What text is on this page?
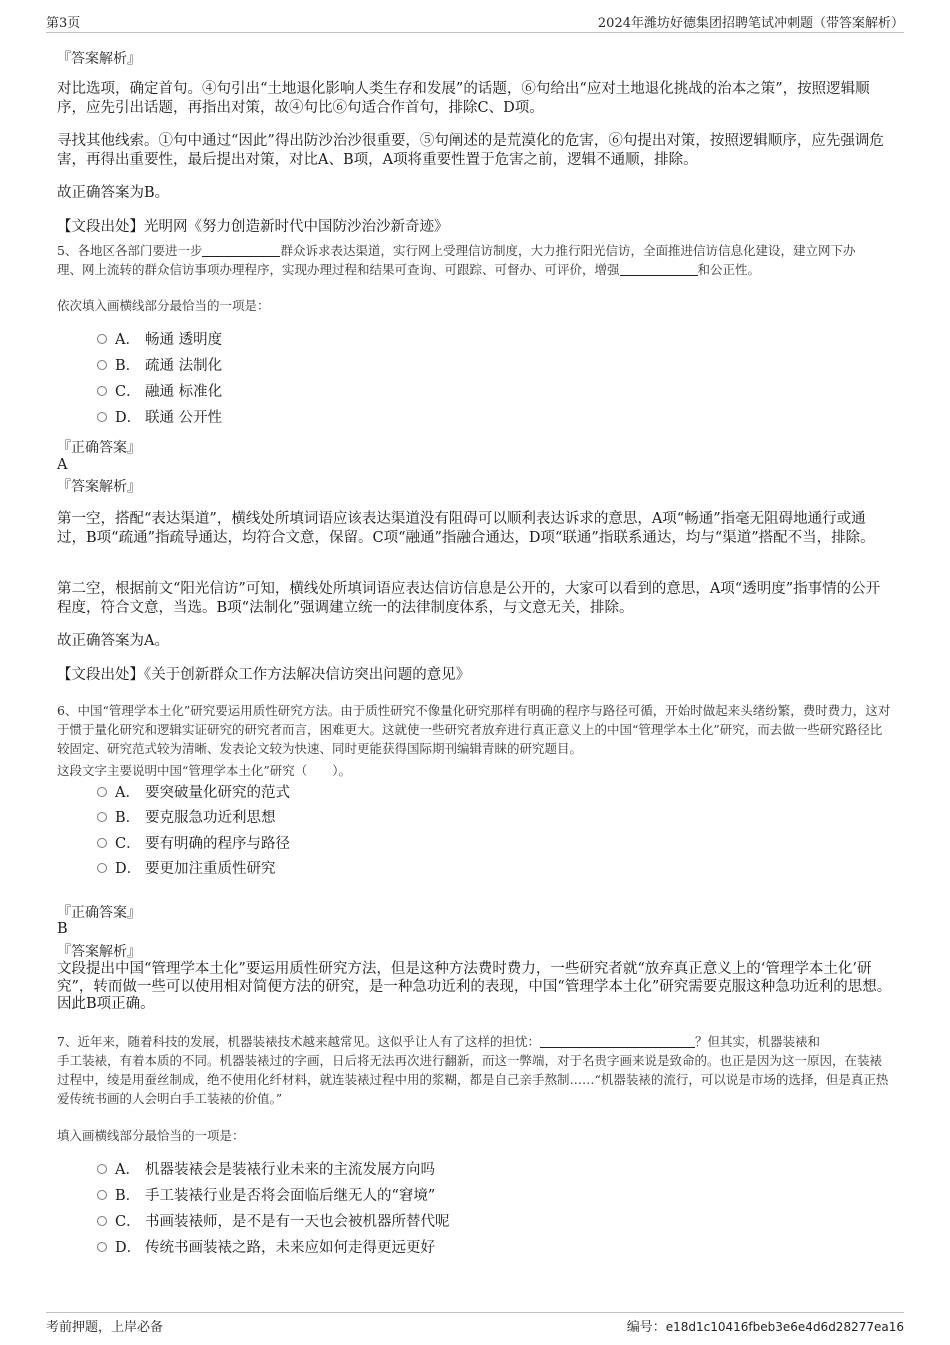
第3页	2024年潍坊好德集团招聘笔试冲刺题（带答案解析）
『答案解析』
对比选项，确定首句。④句引出“土地退化影响人类生存和发展”的话题，⑥句给出“应对土地退化挑战的治本之策”，按照逻辑顺序，应先引出话题，再指出对策，故④句比⑥句适合作首句，排除C、D项。
寻找其他线索。①句中通过“因此”得出防沙治沙很重要，⑤句阐述的是荒漠化的危害，⑥句提出对策，按照逻辑顺序，应先强调危害，再得出重要性，最后提出对策，对比A、B项，A项将重要性置于危害之前，逻辑不通顺，排除。
故正确答案为B。
【文段出处】光明网《努力创造新时代中国防沙治沙新奇迹》
5、各地区各部门要进一步	群众诉求表达渠道，实行网上受理信访制度，大力推行阳光信访，全面推进信访信息化建设，建立网下办
理、网上流转的群众信访事项办理程序，实现办理过程和结果可查询、可跟踪、可督办、可评价，增强	和公正性。
依次填入画横线部分最恰当的一项是：
A． 畅通 透明度
B． 疏通 法制化
C． 融通 标准化
D． 联通 公开性
『正确答案』
A
『答案解析』
第一空，搭配“表达渠道”，横线处所填词语应该表达渠道没有阻碍可以顺利表达诉求的意思，A项“畅通”指毫无阻碍地通行或通过，B项“疏通”指疏导通达，均符合文意，保留。C项“融通”指融合通达，D项“联通”指联系通达，均与“渠道”搭配不当，排除。
第二空，根据前文“阳光信访”可知，横线处所填词语应表达信访信息是公开的，大家可以看到的意思，A项“透明度”指事情的公开程度，符合文意，当选。B项“法制化”强调建立统一的法律制度体系，与文意无关，排除。
故正确答案为A。
【文段出处】《关于创新群众工作方法解决信访突出问题的意见》
6、中国“管理学本土化”研究要运用质性研究方法。由于质性研究不像量化研究那样有明确的程序与路径可循，开始时做起来头绪纷繁，费时费力，这对于惯于量化研究和逻辑实证研究的研究者而言，困难更大。这就使一些研究者放弃进行真正意义上的中国“管理学本土化”研究，而去做一些研究路径比较固定、研究范式较为清晰、发表论文较为快速、同时更能获得国际期刊编辑青睐的研究题目。
这段文字主要说明中国“管理学本土化”研究（　　）。
A． 要突破量化研究的范式
B． 要克服急功近利思想
C． 要有明确的程序与路径
D． 要更加注重质性研究
『正确答案』
B
『答案解析』
文段提出中国“管理学本土化”要运用质性研究方法，但是这种方法费时费力，一些研究者就“放弃真正意义上的‘管理学本土化’研究”，转而做一些可以使用相对简便方法的研究，是一种急功近利的表现，中国“管理学本土化”研究需要克服这种急功近利的思想。因此B项正确。
7、近年来，随着科技的发展，机器装裱技术越来越常见。这似乎让人有了这样的担忧：	？但其实，机器装裱和
手工装裱，有着本质的不同。机器装裱过的字画，日后将无法再次进行翻新，而这一弊端，对于名贵字画来说是致命的。也正是因为这一原因，在装裱过程中，绫是用蚕丝制成，绝不使用化纤材料，就连装裱过程中用的浆糊，都是自己亲手熬制……“机器装裱的流行，可以说是市场的选择，但是真正热爱传统书画的人会明白手工装裱的价值。”
填入画横线部分最恰当的一项是：
A． 机器装裱会是装裱行业未来的主流发展方向吗
B． 手工装裱行业是否将会面临后继无人的“窘境”
C． 书画装裱师，是不是有一天也会被机器所替代呢
D． 传统书画装裱之路，未来应如何走得更远更好
考前押题，上岸必备	编号：e18d1c10416fbeb3e6e4d6d28277ea16
